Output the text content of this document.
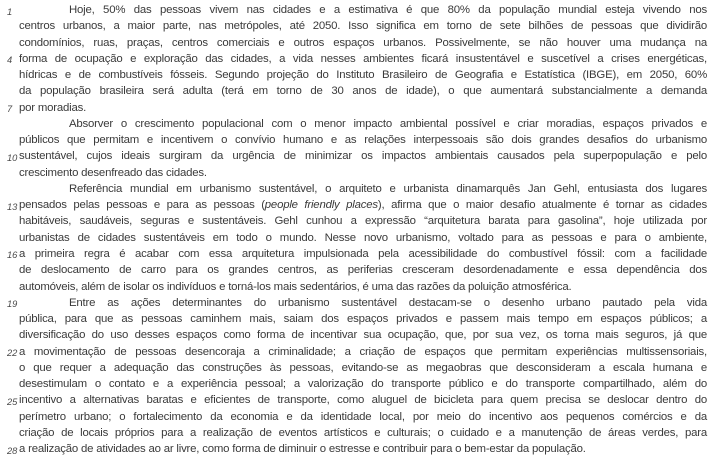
1	Hoje, 50% das pessoas vivem nas cidades e a estimativa é que 80% da população mundial esteja vivendo nos
centros urbanos, a maior parte, nas metrópoles, até 2050. Isso significa em torno de sete bilhões de pessoas que dividirão
condomínios, ruas, praças, centros comerciais e outros espaços urbanos. Possivelmente, se não houver uma mudança na
4 forma de ocupação e exploração das cidades, a vida nesses ambientes ficará insustentável e suscetível a crises energéticas,
hídricas e de combustíveis fósseis. Segundo projeção do Instituto Brasileiro de Geografia e Estatística (IBGE), em 2050, 60%
da população brasileira será adulta (terá em torno de 30 anos de idade), o que aumentará substancialmente a demanda
7 por moradias.
Absorver o crescimento populacional com o menor impacto ambiental possível e criar moradias, espaços privados e
públicos que permitam e incentivem o convívio humano e as relações interpessoais são dois grandes desafios do urbanismo
10 sustentável, cujos ideais surgiram da urgência de minimizar os impactos ambientais causados pela superpopulação e pelo
crescimento desenfreado das cidades.
Referência mundial em urbanismo sustentável, o arquiteto e urbanista dinamarquês Jan Gehl, entusiasta dos lugares
13 pensados pelas pessoas e para as pessoas (people friendly places), afirma que o maior desafio atualmente é tornar as cidades
habitáveis, saudáveis, seguras e sustentáveis. Gehl cunhou a expressão “arquitetura barata para gasolina”, hoje utilizada por
urbanistas de cidades sustentáveis em todo o mundo. Nesse novo urbanismo, voltado para as pessoas e para o ambiente,
16 a primeira regra é acabar com essa arquitetura impulsionada pela acessibilidade do combustível fóssil: com a facilidade
de deslocamento de carro para os grandes centros, as periferias cresceram desordenadamente e essa dependência dos
automóveis, além de isolar os indivíduos e torná-los mais sedentários, é uma das razões da poluição atmosférica.
19	Entre as ações determinantes do urbanismo sustentável destacam-se o desenho urbano pautado pela vida
pública, para que as pessoas caminhem mais, saiam dos espaços privados e passem mais tempo em espaços públicos; a
diversificação do uso desses espaços como forma de incentivar sua ocupação, que, por sua vez, os torna mais seguros, já que
22 a movimentação de pessoas desencoraja a criminalidade; a criação de espaços que permitam experiências multissensoriais,
o que requer a adequação das construções às pessoas, evitando-se as megaobras que desconsideram a escala humana e
desestimulam o contato e a experiência pessoal; a valorização do transporte público e do transporte compartilhado, além do
25 incentivo a alternativas baratas e eficientes de transporte, como aluguel de bicicleta para quem precisa se deslocar dentro do
perímetro urbano; o fortalecimento da economia e da identidade local, por meio do incentivo aos pequenos comércios e da
criação de locais próprios para a realização de eventos artísticos e culturais; o cuidado e a manutenção de áreas verdes, para
28 a realização de atividades ao ar livre, como forma de diminuir o estresse e contribuir para o bem-estar da população.
